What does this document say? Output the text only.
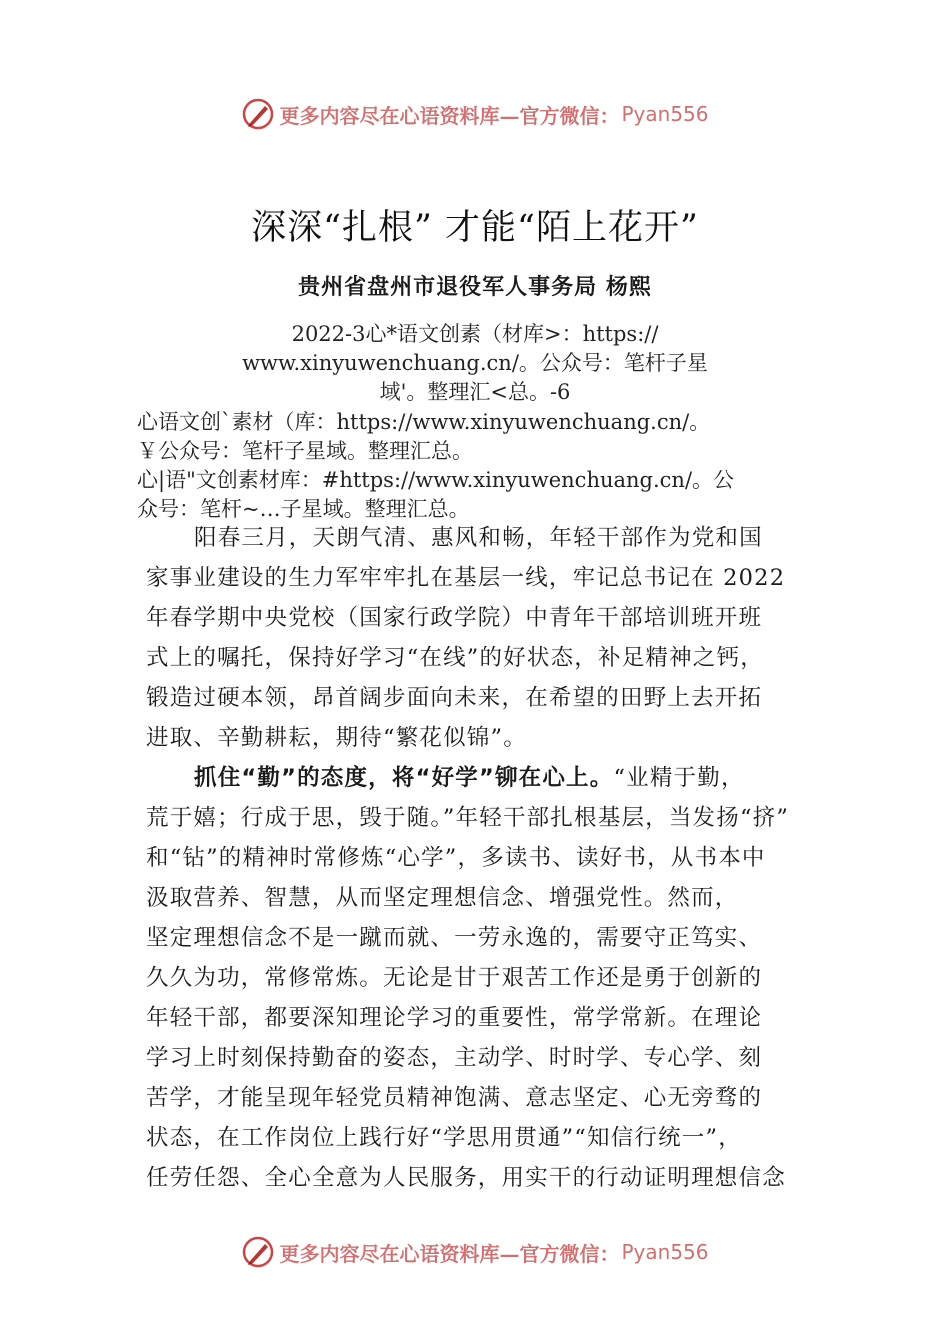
更多内容尽在心语资料库—官方微信： Pyan556
深深“扎根” 才能“陌上花开”
贵州省盘州市退役军人事务局 杨熙
2022-3心*语文创素（材库>：https://
www.xinyuwenchuang.cn/。公众号：笔杆子星
域'。整理汇<总。-6
心语文创`素材（库：https://www.xinyuwenchuang.cn/。
￥公众号：笔杆子星域。整理汇总。
心|语"文创素材库：#https://www.xinyuwenchuang.cn/。公
众号：笔杆~…子星域。整理汇总。
阳春三月，天朗气清、惠风和畅，年轻干部作为党和国
家事业建设的生力军牢牢扎在基层一线，牢记总书记在 2022
年春学期中央党校（国家行政学院）中青年干部培训班开班
式上的嘱托，保持好学习“在线”的好状态，补足精神之钙，
锻造过硬本领，昂首阔步面向未来，在希望的田野上去开拓
进取、辛勤耕耘，期待“繁花似锦”。
抓住“勤”的态度，将“好学”铆在心上。“业精于勤，
荒于嬉；行成于思，毁于随。”年轻干部扎根基层，当发扬“挤”
和“钻”的精神时常修炼“心学”，多读书、读好书，从书本中
汲取营养、智慧，从而坚定理想信念、增强党性。然而，
坚定理想信念不是一蹴而就、一劳永逸的，需要守正笃实、
久久为功，常修常炼。无论是甘于艰苦工作还是勇于创新的
年轻干部，都要深知理论学习的重要性，常学常新。在理论
学习上时刻保持勤奋的姿态，主动学、时时学、专心学、刻
苦学，才能呈现年轻党员精神饱满、意志坚定、心无旁骛的
状态，在工作岗位上践行好“学思用贯通”“知信行统一”，
任劳任怨、全心全意为人民服务，用实干的行动证明理想信念
更多内容尽在心语资料库—官方微信： Pyan556
